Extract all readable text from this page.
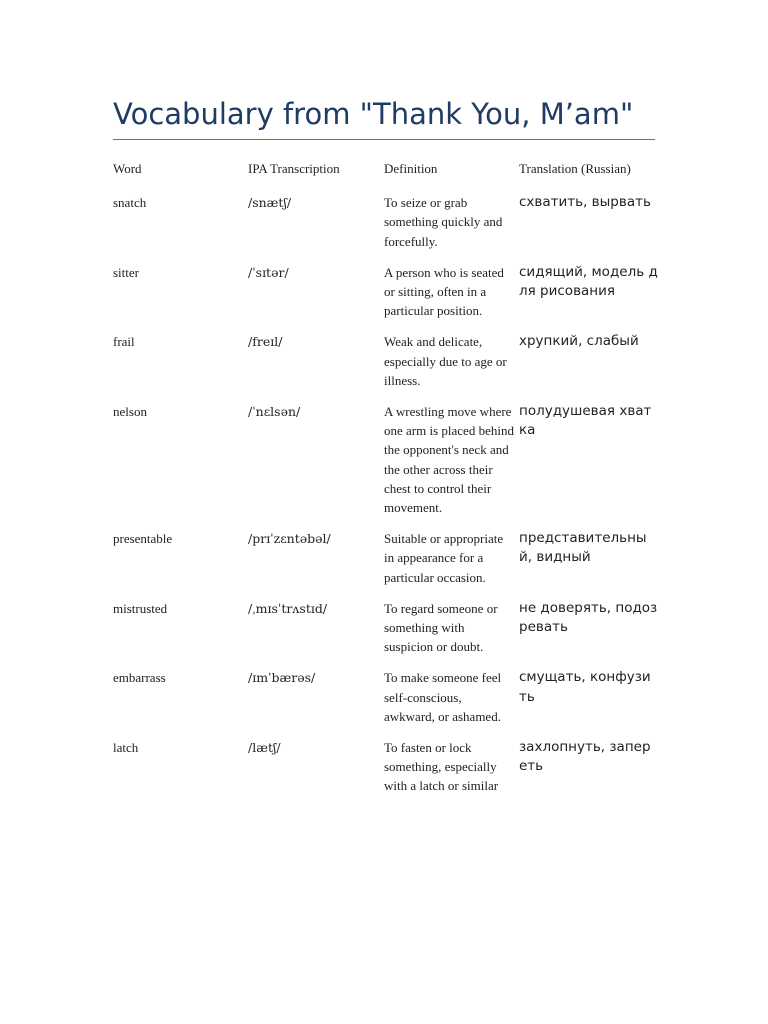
Vocabulary from "Thank You, M’am"
Word	IPA Transcription	Definition	Translation (Russian)
snatch	/snætʃ/	To seize or grab something quickly and forcefully.	схватить, вырвать
sitter	/ˈsɪtər/	A person who is seated or sitting, often in a particular position.	сидящий, модель для рисования
frail	/freɪl/	Weak and delicate, especially due to age or illness.	хрупкий, слабый
nelson	/ˈnɛlsən/	A wrestling move where one arm is placed behind the opponent's neck and the other across their chest to control their movement.	полудушевая хватка
presentable	/prɪˈzɛntəbəl/	Suitable or appropriate in appearance for a particular occasion.	представительный, видный
mistrusted	/ˌmɪsˈtrʌstɪd/	To regard someone or something with suspicion or doubt.	не доверять, подозревать
embarrass	/ɪmˈbærəs/	To make someone feel self-conscious, awkward, or ashamed.	смущать, конфузить
latch	/lætʃ/	To fasten or lock something, especially with a latch or similar	захлопнуть, запереть
